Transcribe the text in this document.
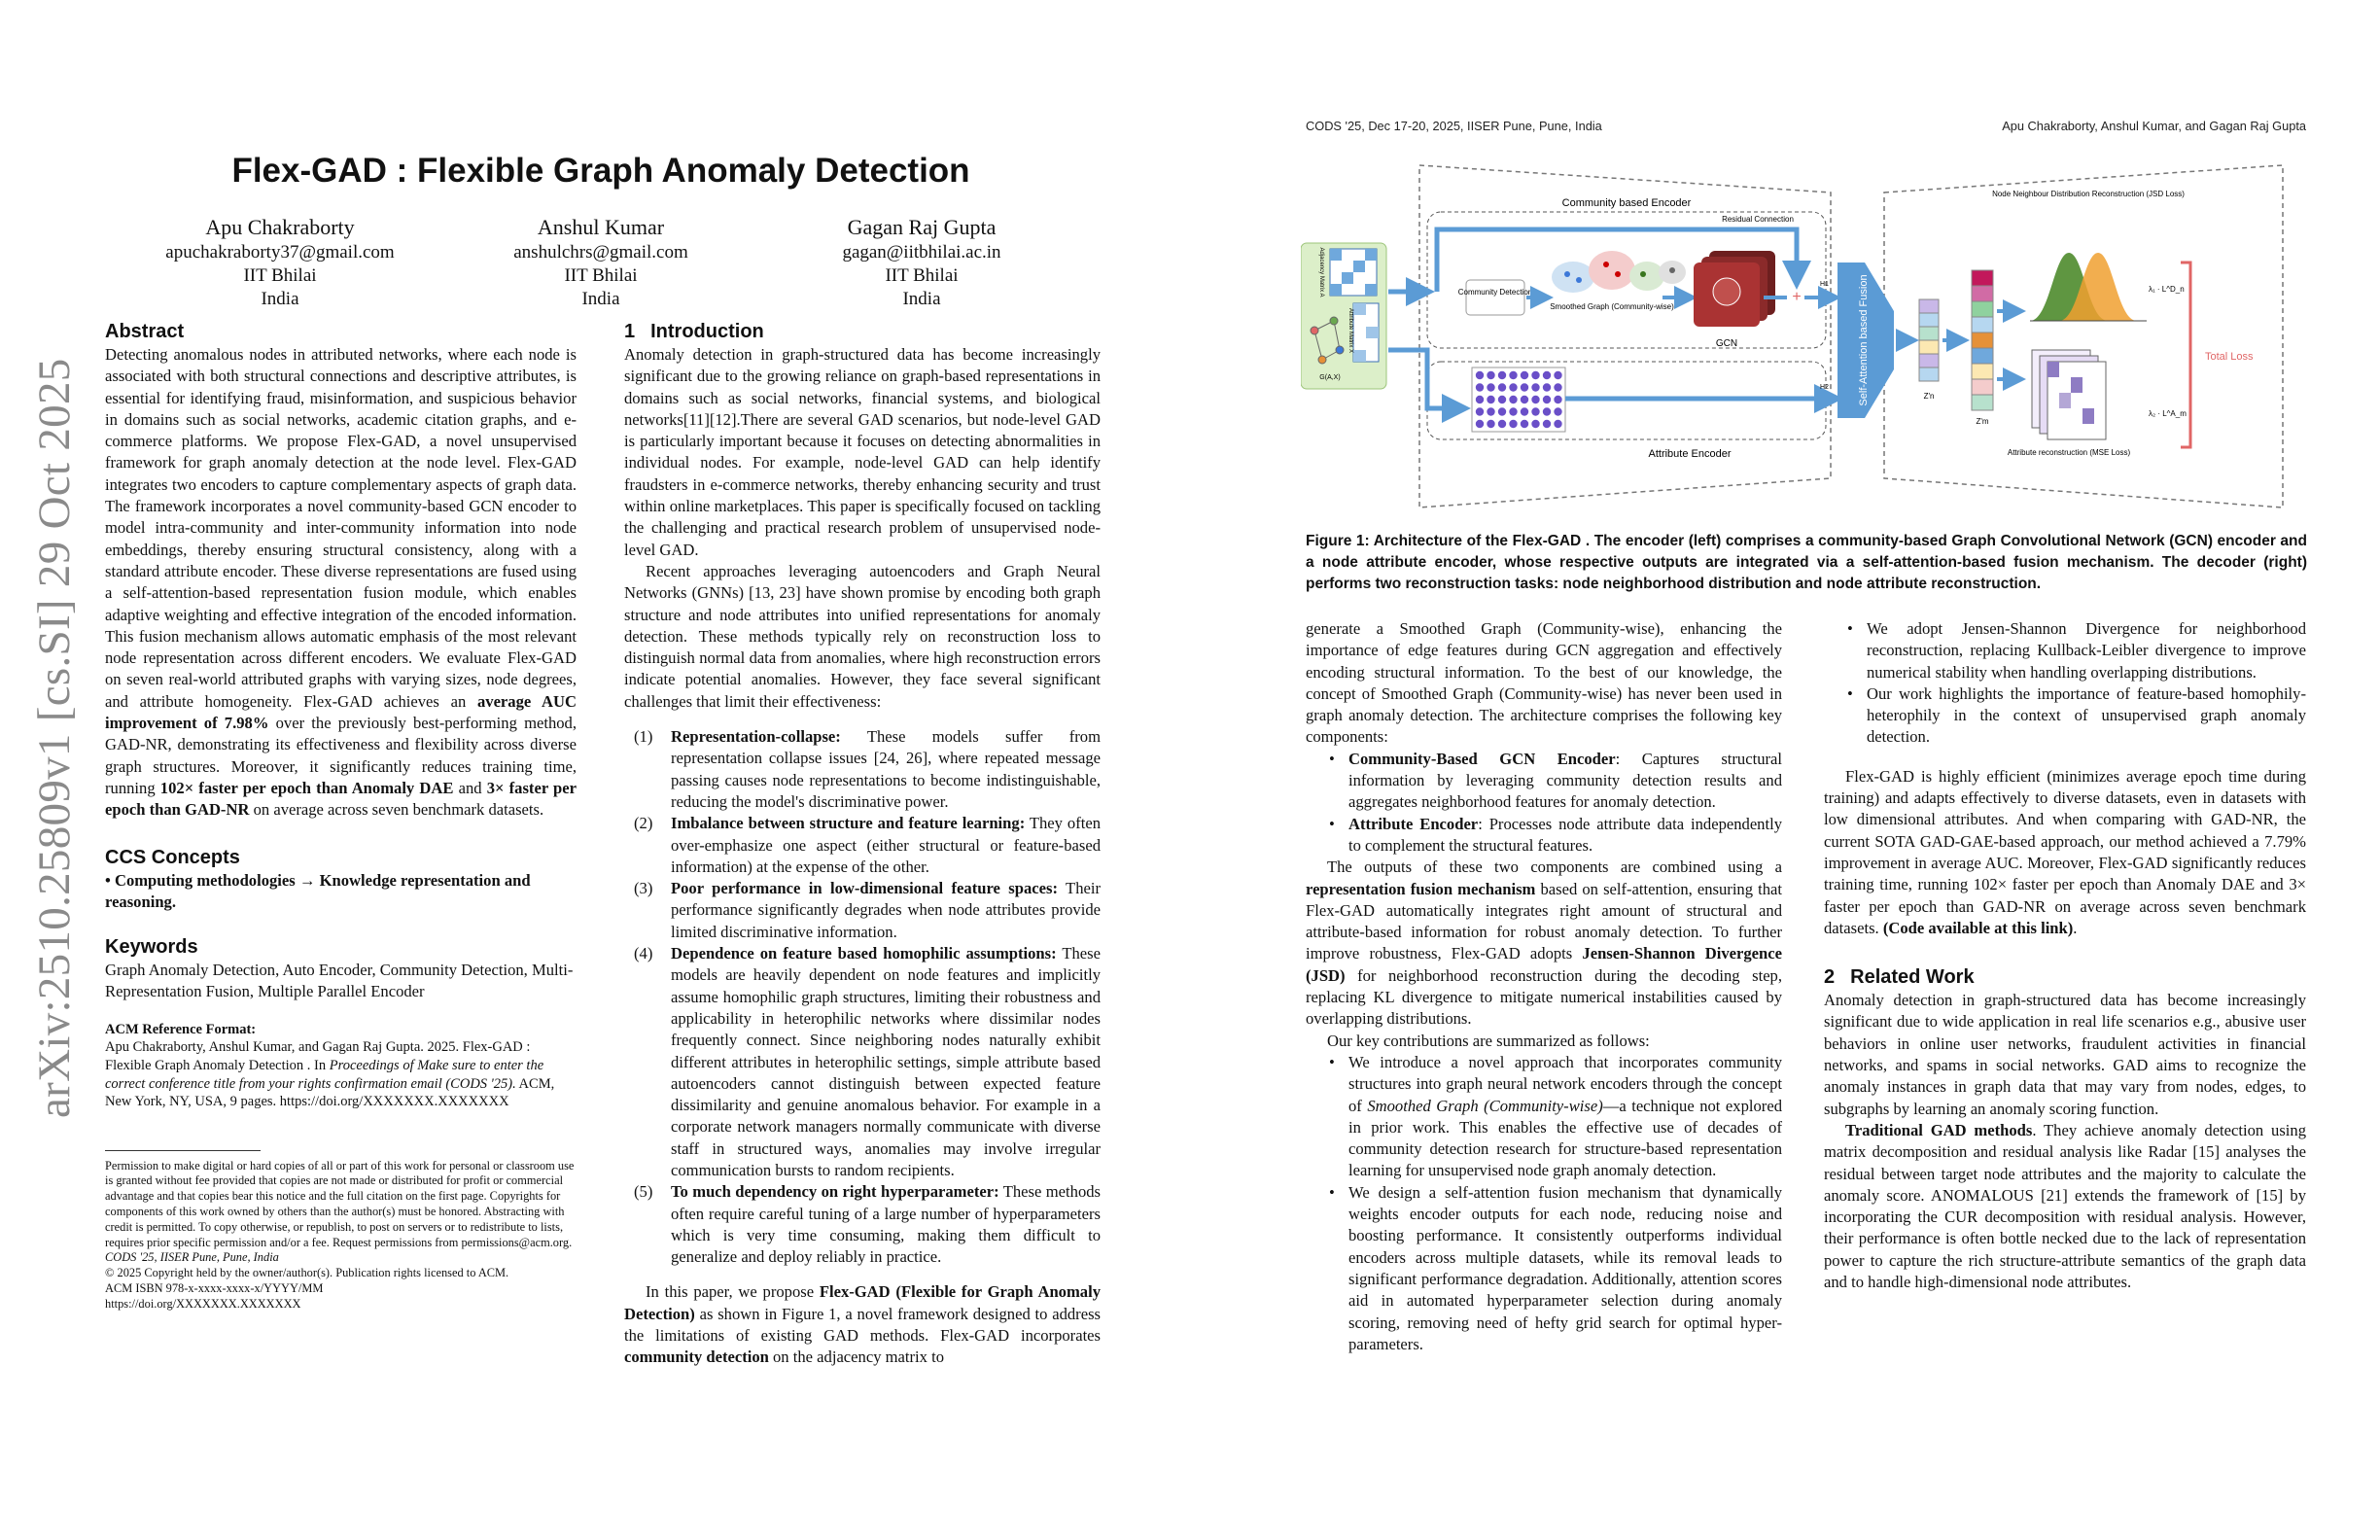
arXiv:2510.25809v1 [cs.SI] 29 Oct 2025
Flex-GAD : Flexible Graph Anomaly Detection
Apu Chakraborty
apuchakraborty37@gmail.com
IIT Bhilai
India
Anshul Kumar
anshulchrs@gmail.com
IIT Bhilai
India
Gagan Raj Gupta
gagan@iitbhilai.ac.in
IIT Bhilai
India
Abstract

Detecting anomalous nodes in attributed networks, where each node is associated with both structural connections and descriptive attributes, is essential for identifying fraud, misinformation, and suspicious behavior in domains such as social networks, academic citation graphs, and e-commerce platforms. We propose Flex-GAD, a novel unsupervised framework for graph anomaly detection at the node level. Flex-GAD integrates two encoders to capture complementary aspects of graph data. The framework incorporates a novel community-based GCN encoder to model intra-community and inter-community information into node embeddings, thereby ensuring structural consistency, along with a standard attribute encoder. These diverse representations are fused using a self-attention-based representation fusion module, which enables adaptive weighting and effective integration of the encoded information. This fusion mechanism allows automatic emphasis of the most relevant node representation across different encoders. We evaluate Flex-GAD on seven real-world attributed graphs with varying sizes, node degrees, and attribute homogeneity. Flex-GAD achieves an average AUC improvement of 7.98% over the previously best-performing method, GAD-NR, demonstrating its effectiveness and flexibility across diverse graph structures. Moreover, it significantly reduces training time, running 102× faster per epoch than Anomaly DAE and 3× faster per epoch than GAD-NR on average across seven benchmark datasets.

CCS Concepts

• Computing methodologies → Knowledge representation and reasoning.

Keywords

Graph Anomaly Detection, Auto Encoder, Community Detection, Multi-Representation Fusion, Multiple Parallel Encoder

ACM Reference Format:

Apu Chakraborty, Anshul Kumar, and Gagan Raj Gupta. 2025. Flex-GAD : Flexible Graph Anomaly Detection . In Proceedings of Make sure to enter the correct conference title from your rights confirmation email (CODS '25). ACM, New York, NY, USA, 9 pages. https://doi.org/XXXXXXX.XXXXXXX

Permission to make digital or hard copies of all or part of this work for personal or classroom use is granted without fee provided that copies are not made or distributed for profit or commercial advantage and that copies bear this notice and the full citation on the first page. Copyrights for components of this work owned by others than the author(s) must be honored. Abstracting with credit is permitted. To copy otherwise, or republish, to post on servers or to redistribute to lists, requires prior specific permission and/or a fee. Request permissions from permissions@acm.org.
CODS '25, IISER Pune, Pune, India
© 2025 Copyright held by the owner/author(s). Publication rights licensed to ACM.
ACM ISBN 978-x-xxxx-xxxx-x/YYYY/MM
https://doi.org/XXXXXXX.XXXXXXX
1 Introduction

Anomaly detection in graph-structured data has become increasingly significant due to the growing reliance on graph-based representations in domains such as social networks, financial systems, and biological networks[11][12].There are several GAD scenarios, but node-level GAD is particularly important because it focuses on detecting abnormalities in individual nodes. For example, node-level GAD can help identify fraudsters in e-commerce networks, thereby enhancing security and trust within online marketplaces. This paper is specifically focused on tackling the challenging and practical research problem of unsupervised node-level GAD.

Recent approaches leveraging autoencoders and Graph Neural Networks (GNNs) [13, 23] have shown promise by encoding both graph structure and node attributes into unified representations for anomaly detection. These methods typically rely on reconstruction loss to distinguish normal data from anomalies, where high reconstruction errors indicate potential anomalies. However, they face several significant challenges that limit their effectiveness:

(1) Representation-collapse: These models suffer from representation collapse issues [24, 26], where repeated message passing causes node representations to become indistinguishable, reducing the model's discriminative power.
(2) Imbalance between structure and feature learning: They often over-emphasize one aspect (either structural or feature-based information) at the expense of the other.
(3) Poor performance in low-dimensional feature spaces: Their performance significantly degrades when node attributes provide limited discriminative information.
(4) Dependence on feature based homophilic assumptions: These models are heavily dependent on node features and implicitly assume homophilic graph structures, limiting their robustness and applicability in heterophilic networks where dissimilar nodes frequently connect. Since neighboring nodes naturally exhibit different attributes in heterophilic settings, simple attribute based autoencoders cannot distinguish between expected feature dissimilarity and genuine anomalous behavior. For example in a corporate network managers normally communicate with diverse staff in structured ways, anomalies may involve irregular communication bursts to random recipients.
(5) To much dependency on right hyperparameter: These methods often require careful tuning of a large number of hyperparameters which is very time consuming, making them difficult to generalize and deploy reliably in practice.

In this paper, we propose Flex-GAD (Flexible for Graph Anomaly Detection) as shown in Figure 1, a novel framework designed to address the limitations of existing GAD methods. Flex-GAD incorporates community detection on the adjacency matrix to

CODS '25, Dec 17-20, 2025, IISER Pune, Pune, India	Apu Chakraborty, Anshul Kumar, and Gagan Raj Gupta
Community based Encoder
Residual Connection
Attribute Encoder
Adjacency Matrix A
Attribute Matrix X
G(A,X)
Community Detection
Smoothed Graph (Community-wise)
GCN
+
H1
H2	Self-Attention based Fusion	Z'n
Z'm
Node Neighbour Distribution Reconstruction (JSD Loss)
Attribute reconstruction (MSE Loss)
λ₁ · L^D_n
λ₂ · L^A_m
Total Loss
Figure 1: Architecture of the Flex-GAD . The encoder (left) comprises a community-based Graph Convolutional Network (GCN) encoder and a node attribute encoder, whose respective outputs are integrated via a self-attention-based fusion mechanism. The decoder (right) performs two reconstruction tasks: node neighborhood distribution and node attribute reconstruction.

generate a Smoothed Graph (Community-wise), enhancing the importance of edge features during GCN aggregation and effectively encoding structural information. To the best of our knowledge, the concept of Smoothed Graph (Community-wise) has never been used in graph anomaly detection. The architecture comprises the following key components:

• Community-Based GCN Encoder: Captures structural information by leveraging community detection results and aggregates neighborhood features for anomaly detection.
• Attribute Encoder: Processes node attribute data independently to complement the structural features.

The outputs of these two components are combined using a representation fusion mechanism based on self-attention, ensuring that Flex-GAD automatically integrates right amount of structural and attribute-based information for robust anomaly detection. To further improve robustness, Flex-GAD adopts Jensen-Shannon Divergence (JSD) for neighborhood reconstruction during the decoding step, replacing KL divergence to mitigate numerical instabilities caused by overlapping distributions.

Our key contributions are summarized as follows:

• We introduce a novel approach that incorporates community structures into graph neural network encoders through the concept of Smoothed Graph (Community-wise)—a technique not explored in prior work. This enables the effective use of decades of community detection research for structure-based representation learning for unsupervised node graph anomaly detection.
• We design a self-attention fusion mechanism that dynamically weights encoder outputs for each node, reducing noise and boosting performance. It consistently outperforms individual encoders across multiple datasets, while its removal leads to significant performance degradation. Additionally, attention scores aid in automated hyperparameter selection during anomaly scoring, removing need of hefty grid search for optimal hyper-parameters.
• We adopt Jensen-Shannon Divergence for neighborhood reconstruction, replacing Kullback-Leibler divergence to improve numerical stability when handling overlapping distributions.
• Our work highlights the importance of feature-based homophily-heterophily in the context of unsupervised graph anomaly detection.

Flex-GAD is highly efficient (minimizes average epoch time during training) and adapts effectively to diverse datasets, even in datasets with low dimensional attributes. And when comparing with GAD-NR, the current SOTA GAD-GAE-based approach, our method achieved a 7.79% improvement in average AUC. Moreover, Flex-GAD significantly reduces training time, running 102× faster per epoch than Anomaly DAE and 3× faster per epoch than GAD-NR on average across seven benchmark datasets. (Code available at this link).

2 Related Work

Anomaly detection in graph-structured data has become increasingly significant due to wide application in real life scenarios e.g., abusive user behaviors in online user networks, fraudulent activities in financial networks, and spams in social networks. GAD aims to recognize the anomaly instances in graph data that may vary from nodes, edges, to subgraphs by learning an anomaly scoring function.

Traditional GAD methods. They achieve anomaly detection using matrix decomposition and residual analysis like Radar [15] analyses the residual between target node attributes and the majority to calculate the anomaly score. ANOMALOUS [21] extends the framework of [15] by incorporating the CUR decomposition with residual analysis. However, their performance is often bottle necked due to the lack of representation power to capture the rich structure-attribute semantics of the graph data and to handle high-dimensional node attributes.
